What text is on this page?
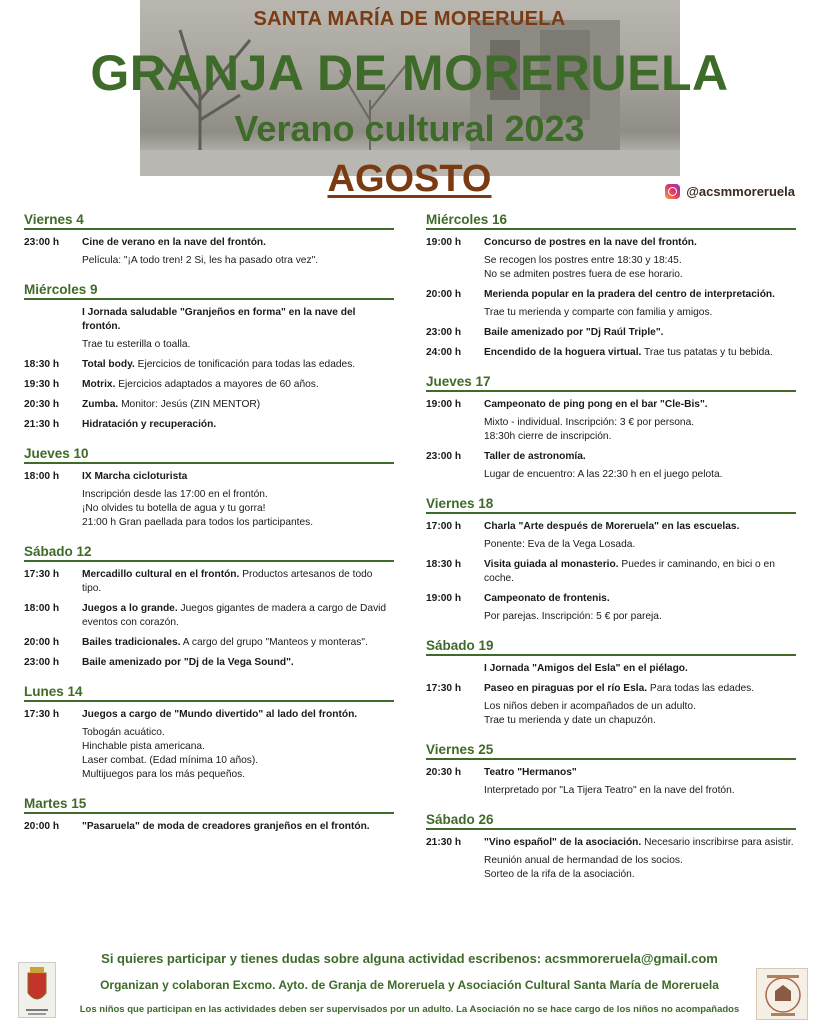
SANTA MARÍA DE MORERUELA
GRANJA DE MORERUELA
Verano cultural 2023
AGOSTO	@acsmmoreruela
Viernes 4
23:00 h	Cine de verano en la nave del frontón.
Película: "¡A todo tren! 2 Si, les ha pasado otra vez".
Miércoles 9
I Jornada saludable "Granjeños en forma" en la nave del frontón.
Trae tu esterilla o toalla.
18:30 h	Total body. Ejercicios de tonificación para todas las edades.
19:30 h	Motrix. Ejercicios adaptados a mayores de 60 años.
20:30 h	Zumba. Monitor: Jesús (ZIN MENTOR)
21:30 h	Hidratación y recuperación.
Jueves 10
18:00 h	IX Marcha cicloturista
Inscripción desde las 17:00 en el frontón.
¡No olvides tu botella de agua y tu gorra!
21:00 h Gran paellada para todos los participantes.
Sábado 12
17:30 h	Mercadillo cultural en el frontón. Productos artesanos de todo tipo.
18:00 h	Juegos a lo grande. Juegos gigantes de madera a cargo de David eventos con corazón.
20:00 h	Bailes tradicionales. A cargo del grupo "Manteos y monteras".
23:00 h	Baile amenizado por "Dj de la Vega Sound".
Lunes 14
17:30 h	Juegos a cargo de "Mundo divertido" al lado del frontón.
Tobogán acuático.
Hinchable pista americana.
Laser combat. (Edad mínima 10 años).
Multijuegos para los más pequeños.
Martes 15
20:00 h	"Pasaruela" de moda de creadores granjeños en el frontón.
Miércoles 16
19:00 h	Concurso de postres en la nave del frontón.
Se recogen los postres entre 18:30 y 18:45.
No se admiten postres fuera de ese horario.
20:00 h	Merienda popular en la pradera del centro de interpretación.
Trae tu merienda y comparte con familia y amigos.
23:00 h	Baile amenizado por "Dj Raúl Triple".
24:00 h	Encendido de la hoguera virtual. Trae tus patatas y tu bebida.
Jueves 17
19:00 h	Campeonato de ping pong en el bar "Cle-Bis".
Mixto - individual. Inscripción: 3 € por persona.
18:30h cierre de inscripción.
23:00 h	Taller de astronomía.
Lugar de encuentro: A las 22:30 h en el juego pelota.
Viernes 18
17:00 h	Charla "Arte después de Moreruela" en las escuelas.
Ponente: Eva de la Vega Losada.
18:30 h	Visita guiada al monasterio. Puedes ir caminando, en bici o en coche.
19:00 h	Campeonato de frontenis.
Por parejas. Inscripción: 5 € por pareja.
Sábado 19
I Jornada "Amigos del Esla" en el piélago.
17:30 h	Paseo en piraguas por el río Esla. Para todas las edades.
Los niños deben ir acompañados de un adulto.
Trae tu merienda y date un chapuzón.
Viernes 25
20:30 h	Teatro "Hermanos"
Interpretado por "La Tijera Teatro" en la nave del frotón.
Sábado 26
21:30 h	"Vino español" de la asociación. Necesario inscribirse para asistir.
Reunión anual de hermandad de los socios.
Sorteo de la rifa de la asociación.
Si quieres participar y tienes dudas sobre alguna actividad escribenos: acsmmoreruela@gmail.com
Organizan y colaboran Excmo. Ayto. de Granja de Moreruela y Asociación Cultural Santa María de Moreruela
Los niños que participan en las actividades deben ser supervisados por un adulto. La Asociación no se hace cargo de los niños no acompañados
